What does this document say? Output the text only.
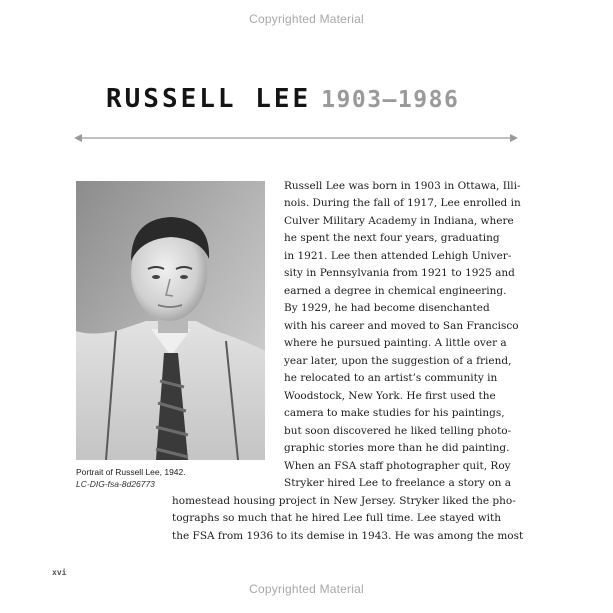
Copyrighted Material
RUSSELL LEE 1903–1986
Portrait of Russell Lee, 1942.
LC-DIG-fsa-8d26773
Russell Lee was born in 1903 in Ottawa, Illi-
nois. During the fall of 1917, Lee enrolled in
Culver Military Academy in Indiana, where
he spent the next four years, graduating
in 1921. Lee then attended Lehigh Univer-
sity in Pennsylvania from 1921 to 1925 and
earned a degree in chemical engineering.
By 1929, he had become disenchanted
with his career and moved to San Francisco
where he pursued painting. A little over a
year later, upon the suggestion of a friend,
he relocated to an artist’s community in
Woodstock, New York. He first used the
camera to make studies for his paintings,
but soon discovered he liked telling photo-
graphic stories more than he did painting.
When an FSA staff photographer quit, Roy
Stryker hired Lee to freelance a story on a
homestead housing project in New Jersey. Stryker liked the pho-
tographs so much that he hired Lee full time. Lee stayed with
the FSA from 1936 to its demise in 1943. He was among the most
xvi
Copyrighted Material
